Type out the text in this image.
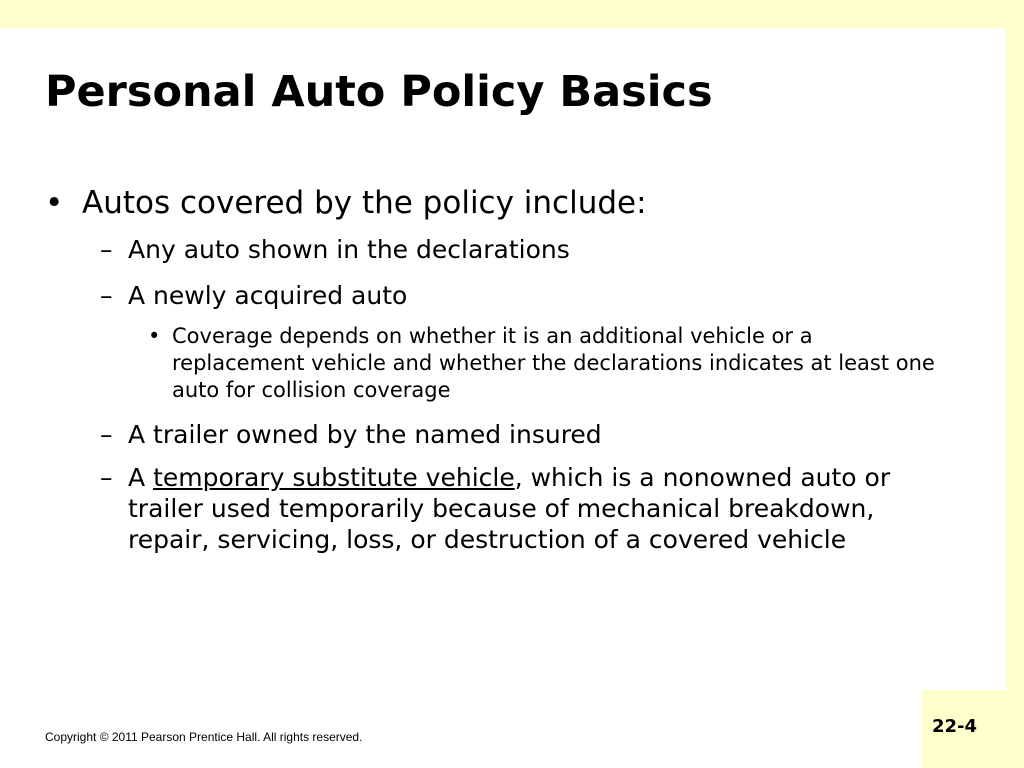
Personal Auto Policy Basics
• Autos covered by the policy include:
– Any auto shown in the declarations
– A newly acquired auto
• Coverage depends on whether it is an additional vehicle or a replacement vehicle and whether the declarations indicates at least one auto for collision coverage
– A trailer owned by the named insured
– A temporary substitute vehicle, which is a nonowned auto or trailer used temporarily because of mechanical breakdown, repair, servicing, loss, or destruction of a covered vehicle
Copyright © 2011 Pearson Prentice Hall. All rights reserved.	22-4
